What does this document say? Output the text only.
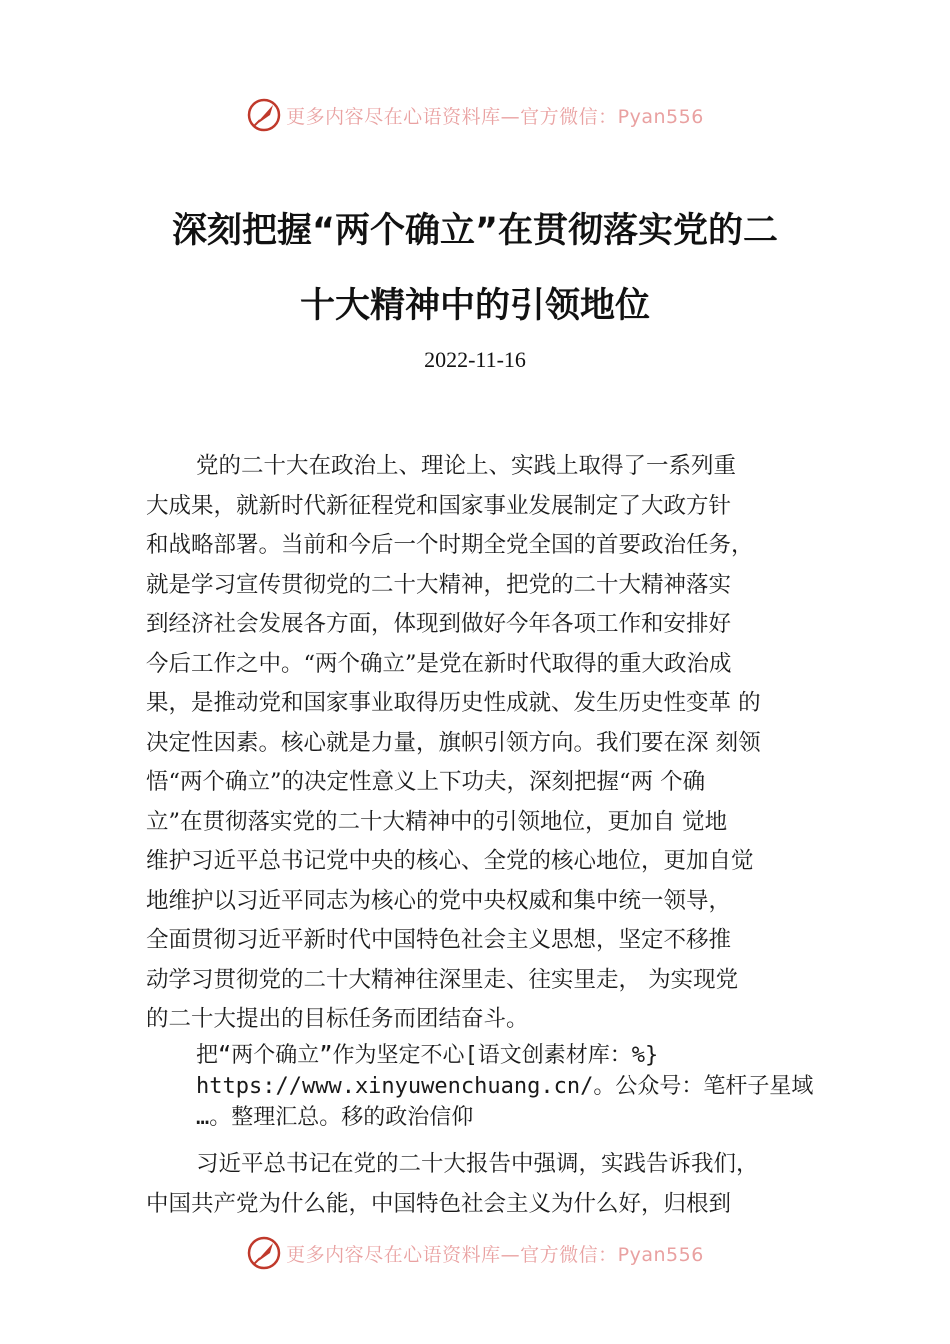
更多内容尽在心语资料库—官方微信：Pyan556
深刻把握“两个确立”在贯彻落实党的二
十大精神中的引领地位
2022-11-16
党的二十大在政治上、理论上、实践上取得了一系列重
大成果，就新时代新征程党和国家事业发展制定了大政方针
和战略部署。当前和今后一个时期全党全国的首要政治任务，
就是学习宣传贯彻党的二十大精神，把党的二十大精神落实
到经济社会发展各方面，体现到做好今年各项工作和安排好
今后工作之中。“两个确立”是党在新时代取得的重大政治成
果，是推动党和国家事业取得历史性成就、发生历史性变革 的
决定性因素。核心就是力量，旗帜引领方向。我们要在深 刻领
悟“两个确立”的决定性意义上下功夫，深刻把握“两 个确
立”在贯彻落实党的二十大精神中的引领地位，更加自 觉地
维护习近平总书记党中央的核心、全党的核心地位，更加自觉
地维护以习近平同志为核心的党中央权威和集中统一领导，
全面贯彻习近平新时代中国特色社会主义思想，坚定不移推
动学习贯彻党的二十大精神往深里走、往实里走， 为实现党
的二十大提出的目标任务而团结奋斗。
把“两个确立”作为坚定不心[语文创素材库：%}
https://www.xinyuwenchuang.cn/。公众号：笔杆子星域
…。整理汇总。移的政治信仰
习近平总书记在党的二十大报告中强调，实践告诉我们，
中国共产党为什么能，中国特色社会主义为什么好，归根到
更多内容尽在心语资料库—官方微信：Pyan556
